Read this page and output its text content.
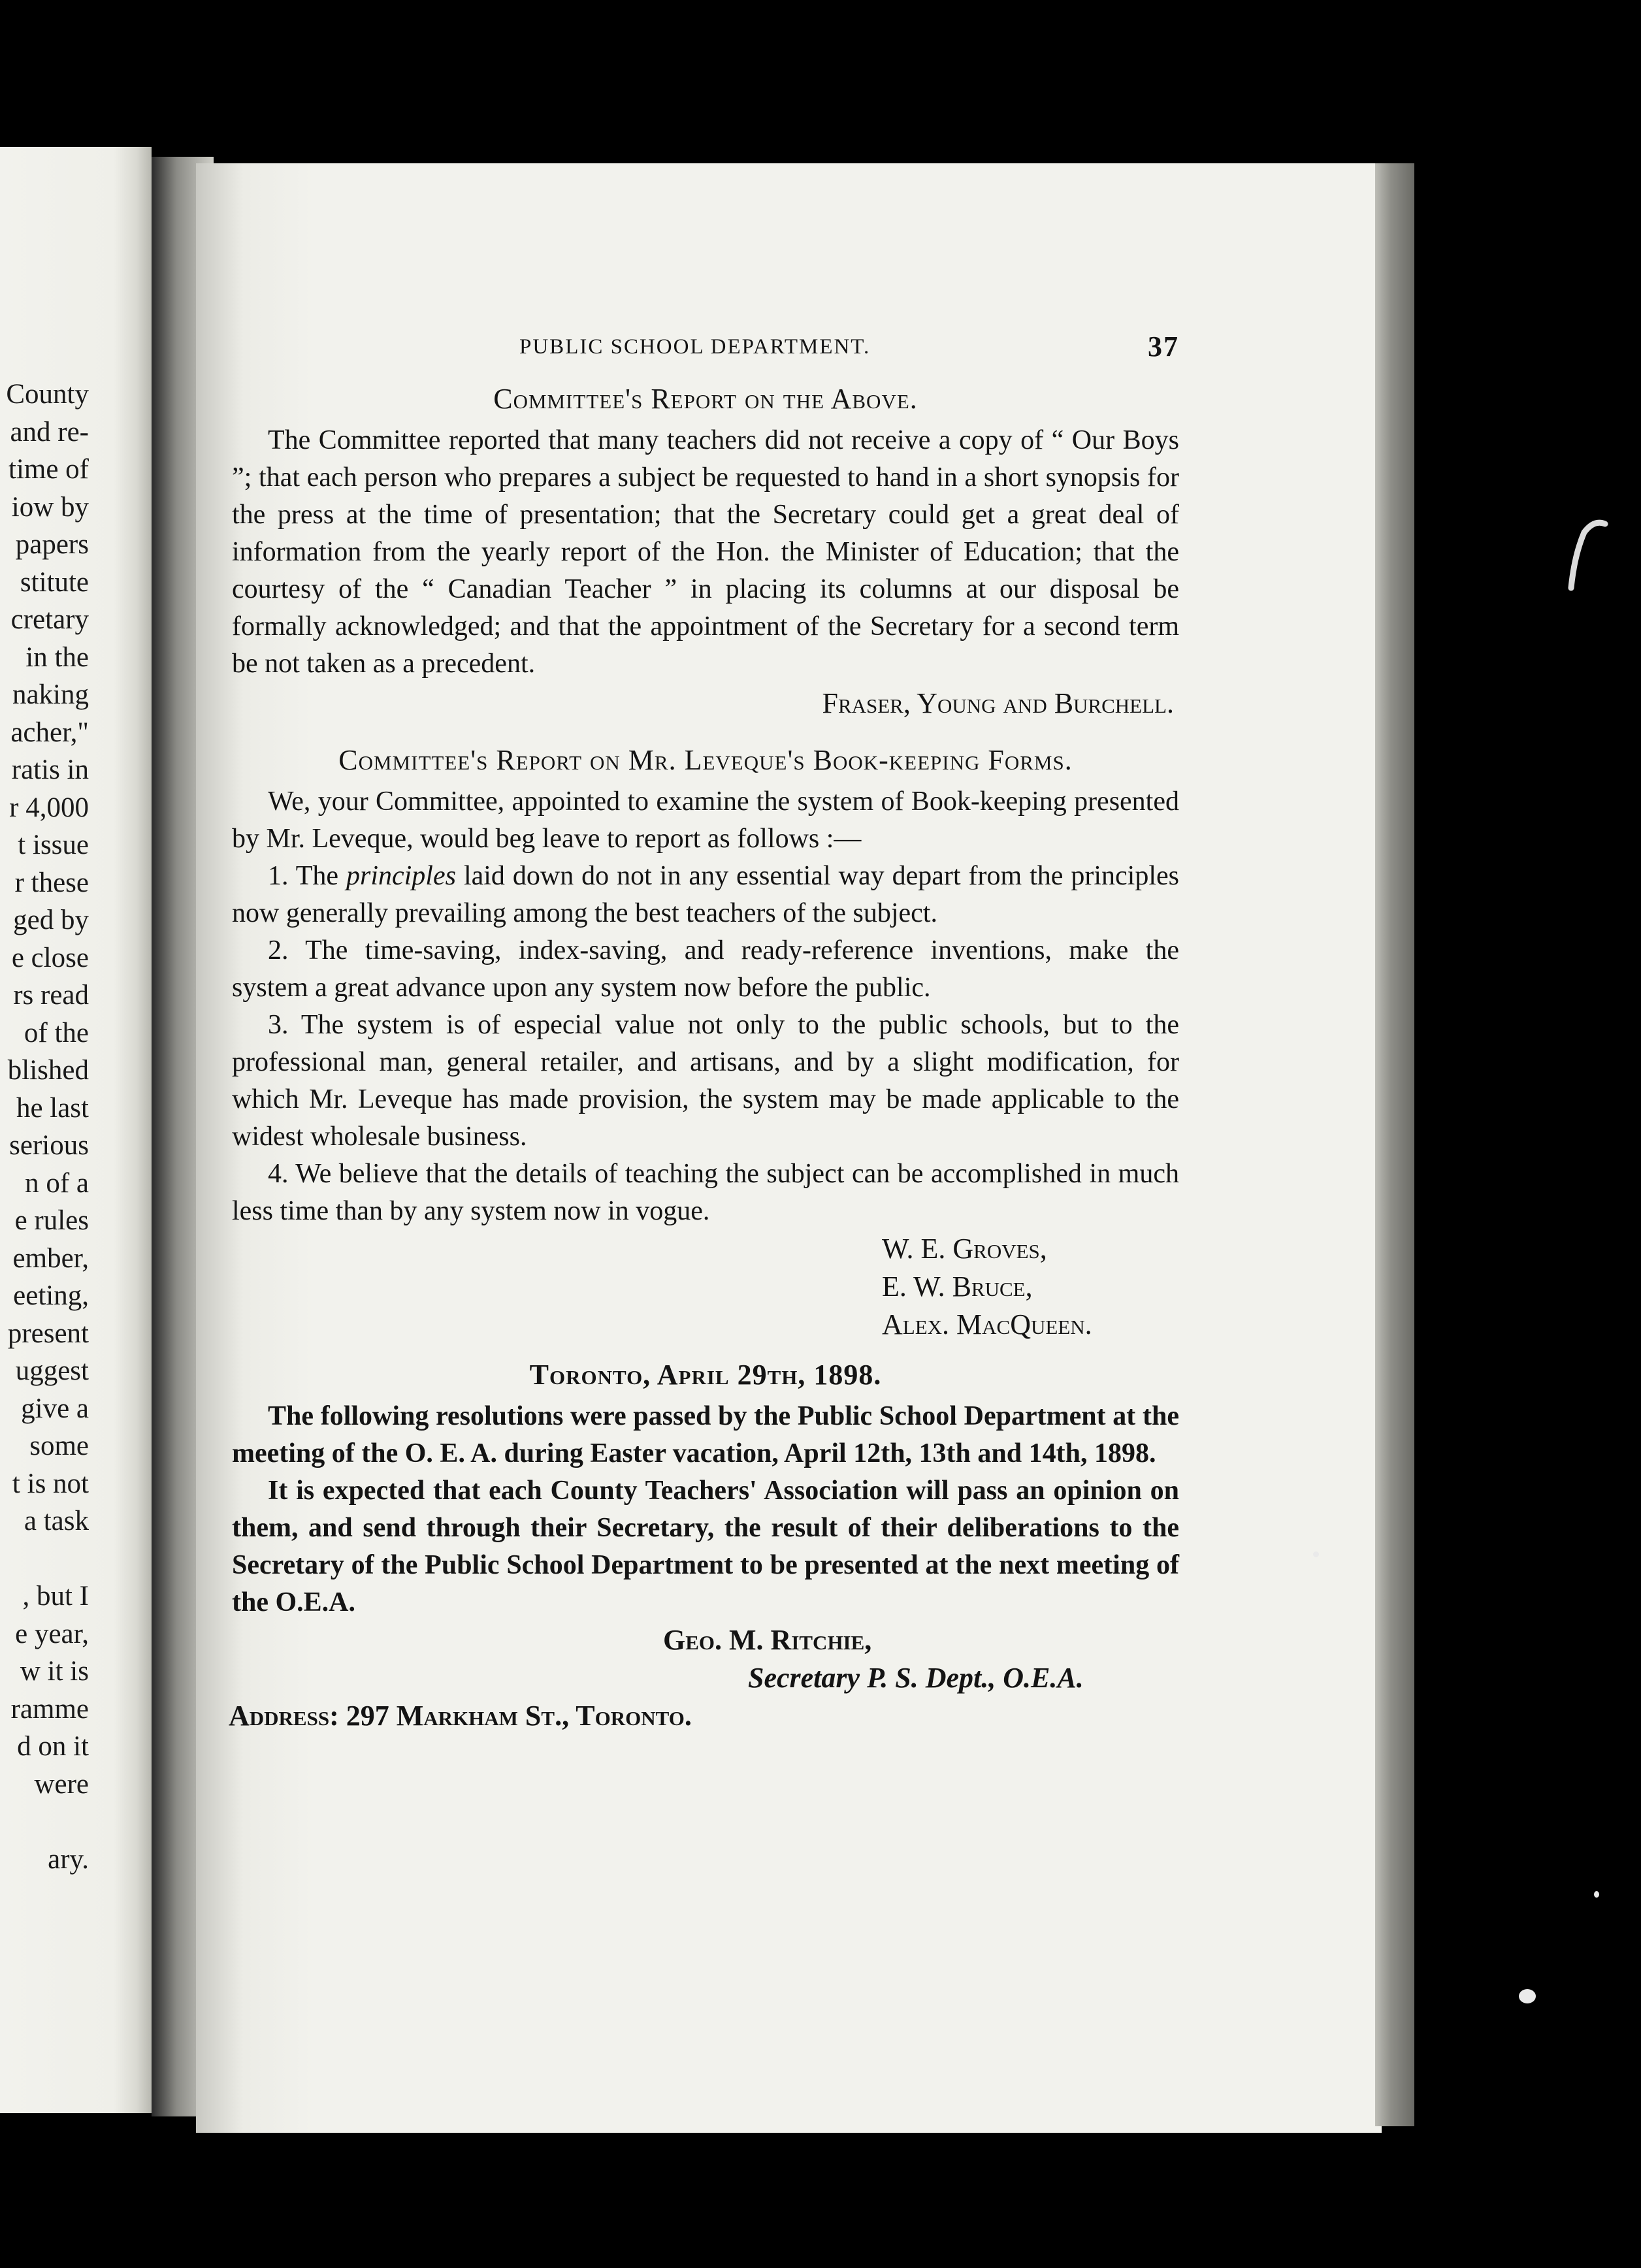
County
and re-
time of
iow by
papers
stitute
cretary
in the
naking
acher,"
ratis in
r 4,000
t issue
r these
ged by
e close
rs read
of the
blished
he last
serious
n of a
e rules
ember,
eeting,
present
uggest
give a
some
t is not
a task
, but I
e year,
w it is
ramme
d on it
were
ary.
PUBLIC SCHOOL DEPARTMENT.	37
Committee's Report on the Above.

The Committee reported that many teachers did not receive a copy of “ Our Boys ”; that each person who prepares a subject be requested to hand in a short synopsis for the press at the time of presentation; that the Secretary could get a great deal of information from the yearly report of the Hon. the Minister of Education; that the courtesy of the “ Canadian Teacher ” in placing its columns at our disposal be formally acknowledged; and that the appointment of the Secretary for a second term be not taken as a precedent.

Fraser, Young and Burchell.
Committee's Report on Mr. Leveque's Book-keeping Forms.

We, your Committee, appointed to examine the system of Book-keeping presented by Mr. Leveque, would beg leave to report as follows :—

1. The principles laid down do not in any essential way depart from the principles now generally prevailing among the best teachers of the subject.

2. The time-saving, index-saving, and ready-reference inventions, make the system a great advance upon any system now before the public.

3. The system is of especial value not only to the public schools, but to the professional man, general retailer, and artisans, and by a slight modification, for which Mr. Leveque has made provision, the system may be made applicable to the widest wholesale business.

4. We believe that the details of teaching the subject can be accomplished in much less time than by any system now in vogue.

W. E. Groves,
E. W. Bruce,
Alex. MacQueen.
Toronto, April 29th, 1898.

The following resolutions were passed by the Public School Department at the meeting of the O. E. A. during Easter vacation, April 12th, 13th and 14th, 1898.

It is expected that each County Teachers' Association will pass an opinion on them, and send through their Secretary, the result of their deliberations to the Secretary of the Public School Department to be presented at the next meeting of the O.E.A.

Geo. M. Ritchie,
Secretary P. S. Dept., O.E.A.
Address: 297 Markham St., Toronto.
